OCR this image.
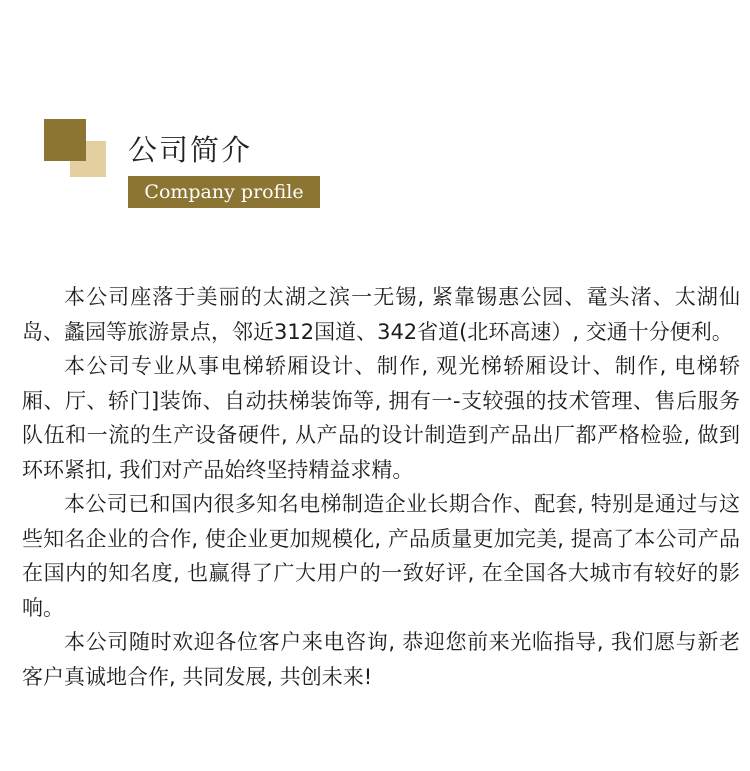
公司简介
Company profile

本公司座落于美丽的太湖之滨一无锡, 紧靠锡惠公园、鼋头渚、太湖仙岛、蠡园等旅游景点，邻近312国道、342省道(北环高速）, 交通十分便利。

本公司专业从事电梯轿厢设计、制作, 观光梯轿厢设计、制作, 电梯轿厢、厅、轿门]装饰、自动扶梯装饰等, 拥有一-支较强的技术管理、售后服务队伍和一流的生产设备硬件, 从产品的设计制造到产品出厂都严格检验, 做到环环紧扣, 我们对产品始终坚持精益求精。

本公司已和国内很多知名电梯制造企业长期合作、配套, 特别是通过与这些知名企业的合作, 使企业更加规模化, 产品质量更加完美, 提高了本公司产品在国内的知名度, 也赢得了广大用户的一致好评, 在全国各大城市有较好的影响。

本公司随时欢迎各位客户来电咨询, 恭迎您前来光临指导, 我们愿与新老客户真诚地合作, 共同发展, 共创未来!
